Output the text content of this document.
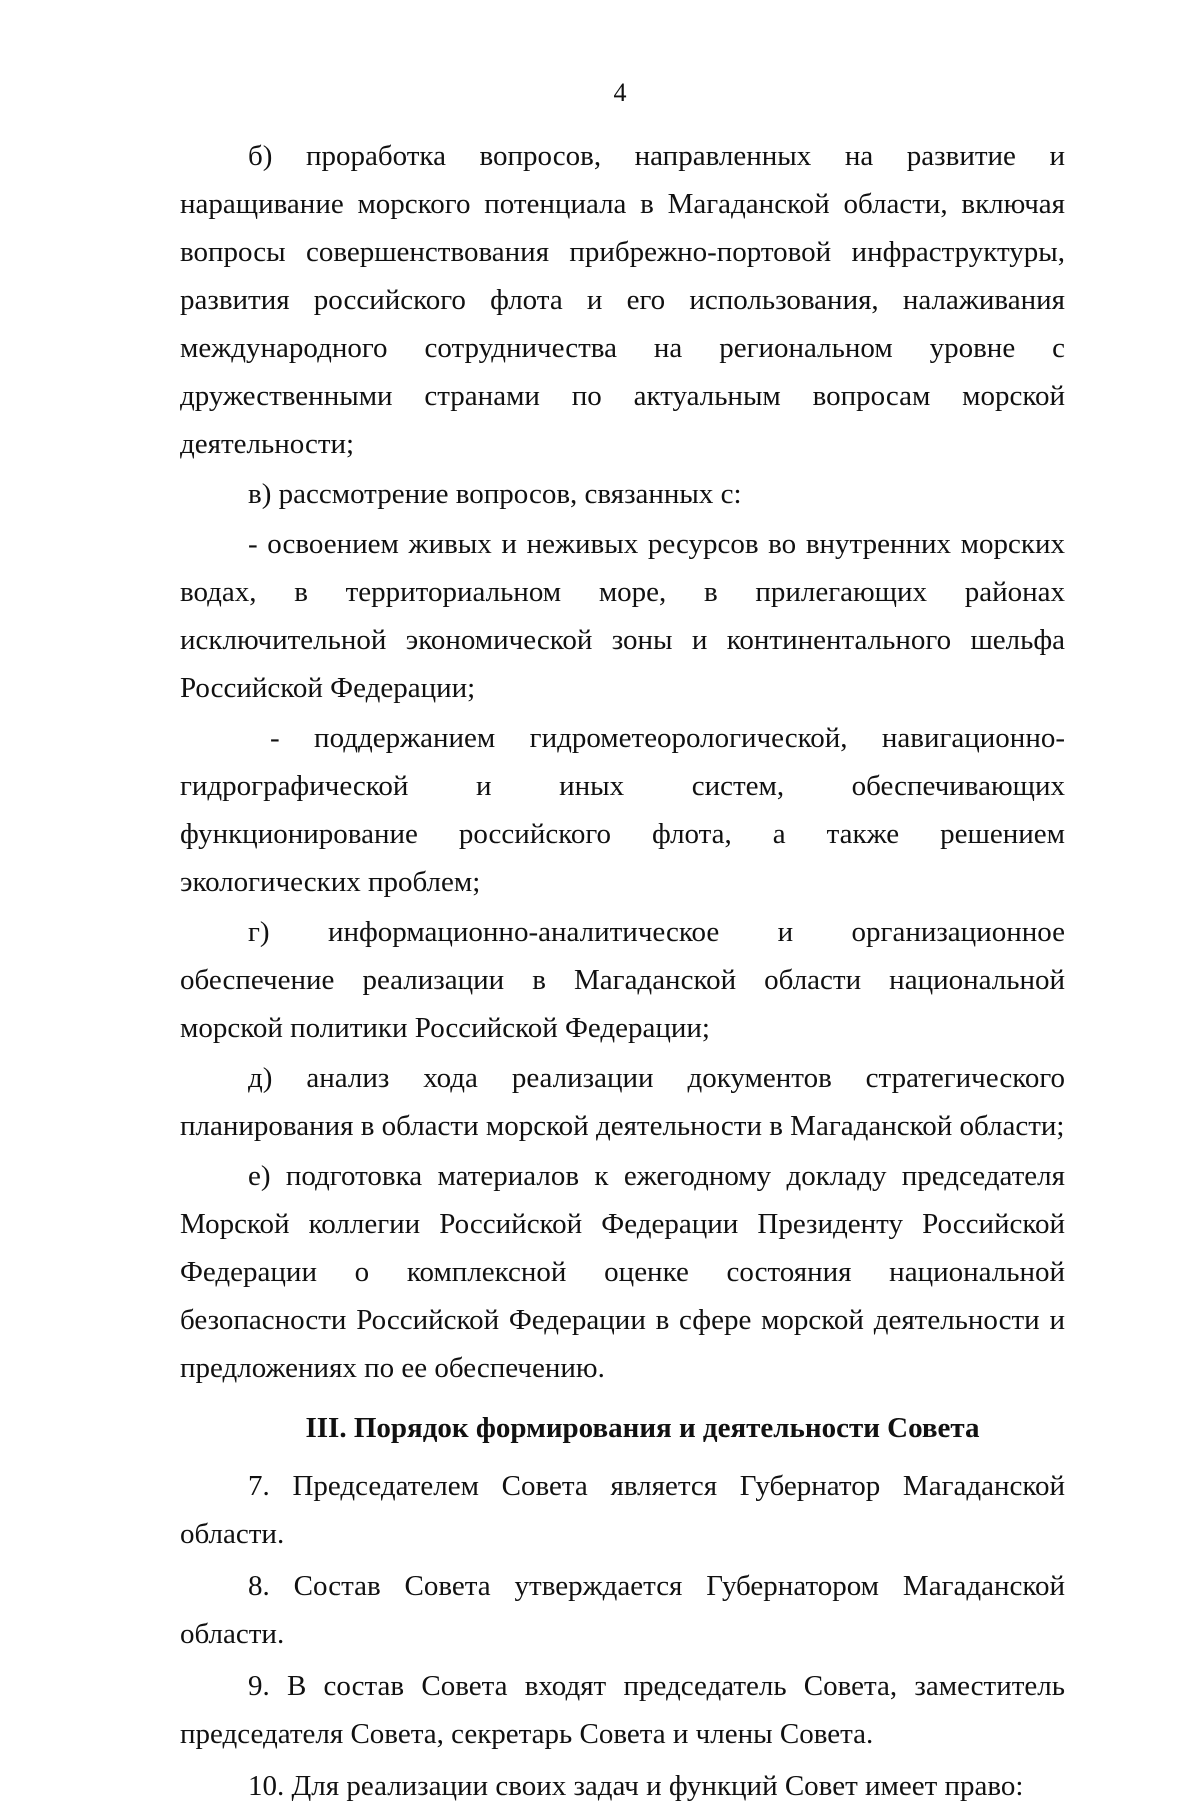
4

б) проработка вопросов, направленных на развитие и наращивание морского потенциала в Магаданской области, включая вопросы совершенствования прибрежно-портовой инфраструктуры, развития российского флота и его использования, налаживания международного сотрудничества на региональном уровне с дружественными странами по актуальным вопросам морской деятельности;

в) рассмотрение вопросов, связанных с:

- освоением живых и неживых ресурсов во внутренних морских водах, в территориальном море, в прилегающих районах исключительной экономической зоны и континентального шельфа Российской Федерации;

- поддержанием гидрометеорологической, навигационно-гидрографической и иных систем, обеспечивающих функционирование российского флота, а также решением экологических проблем;

г) информационно-аналитическое и организационное обеспечение реализации в Магаданской области национальной морской политики Российской Федерации;

д) анализ хода реализации документов стратегического планирования в области морской деятельности в Магаданской области;

е) подготовка материалов к ежегодному докладу председателя Морской коллегии Российской Федерации Президенту Российской Федерации о комплексной оценке состояния национальной безопасности Российской Федерации в сфере морской деятельности и предложениях по ее обеспечению.

III. Порядок формирования и деятельности Совета

7. Председателем Совета является Губернатор Магаданской области.

8. Состав Совета утверждается Губернатором Магаданской области.

9. В состав Совета входят председатель Совета, заместитель председателя Совета, секретарь Совета и члены Совета.

10. Для реализации своих задач и функций Совет имеет право:
